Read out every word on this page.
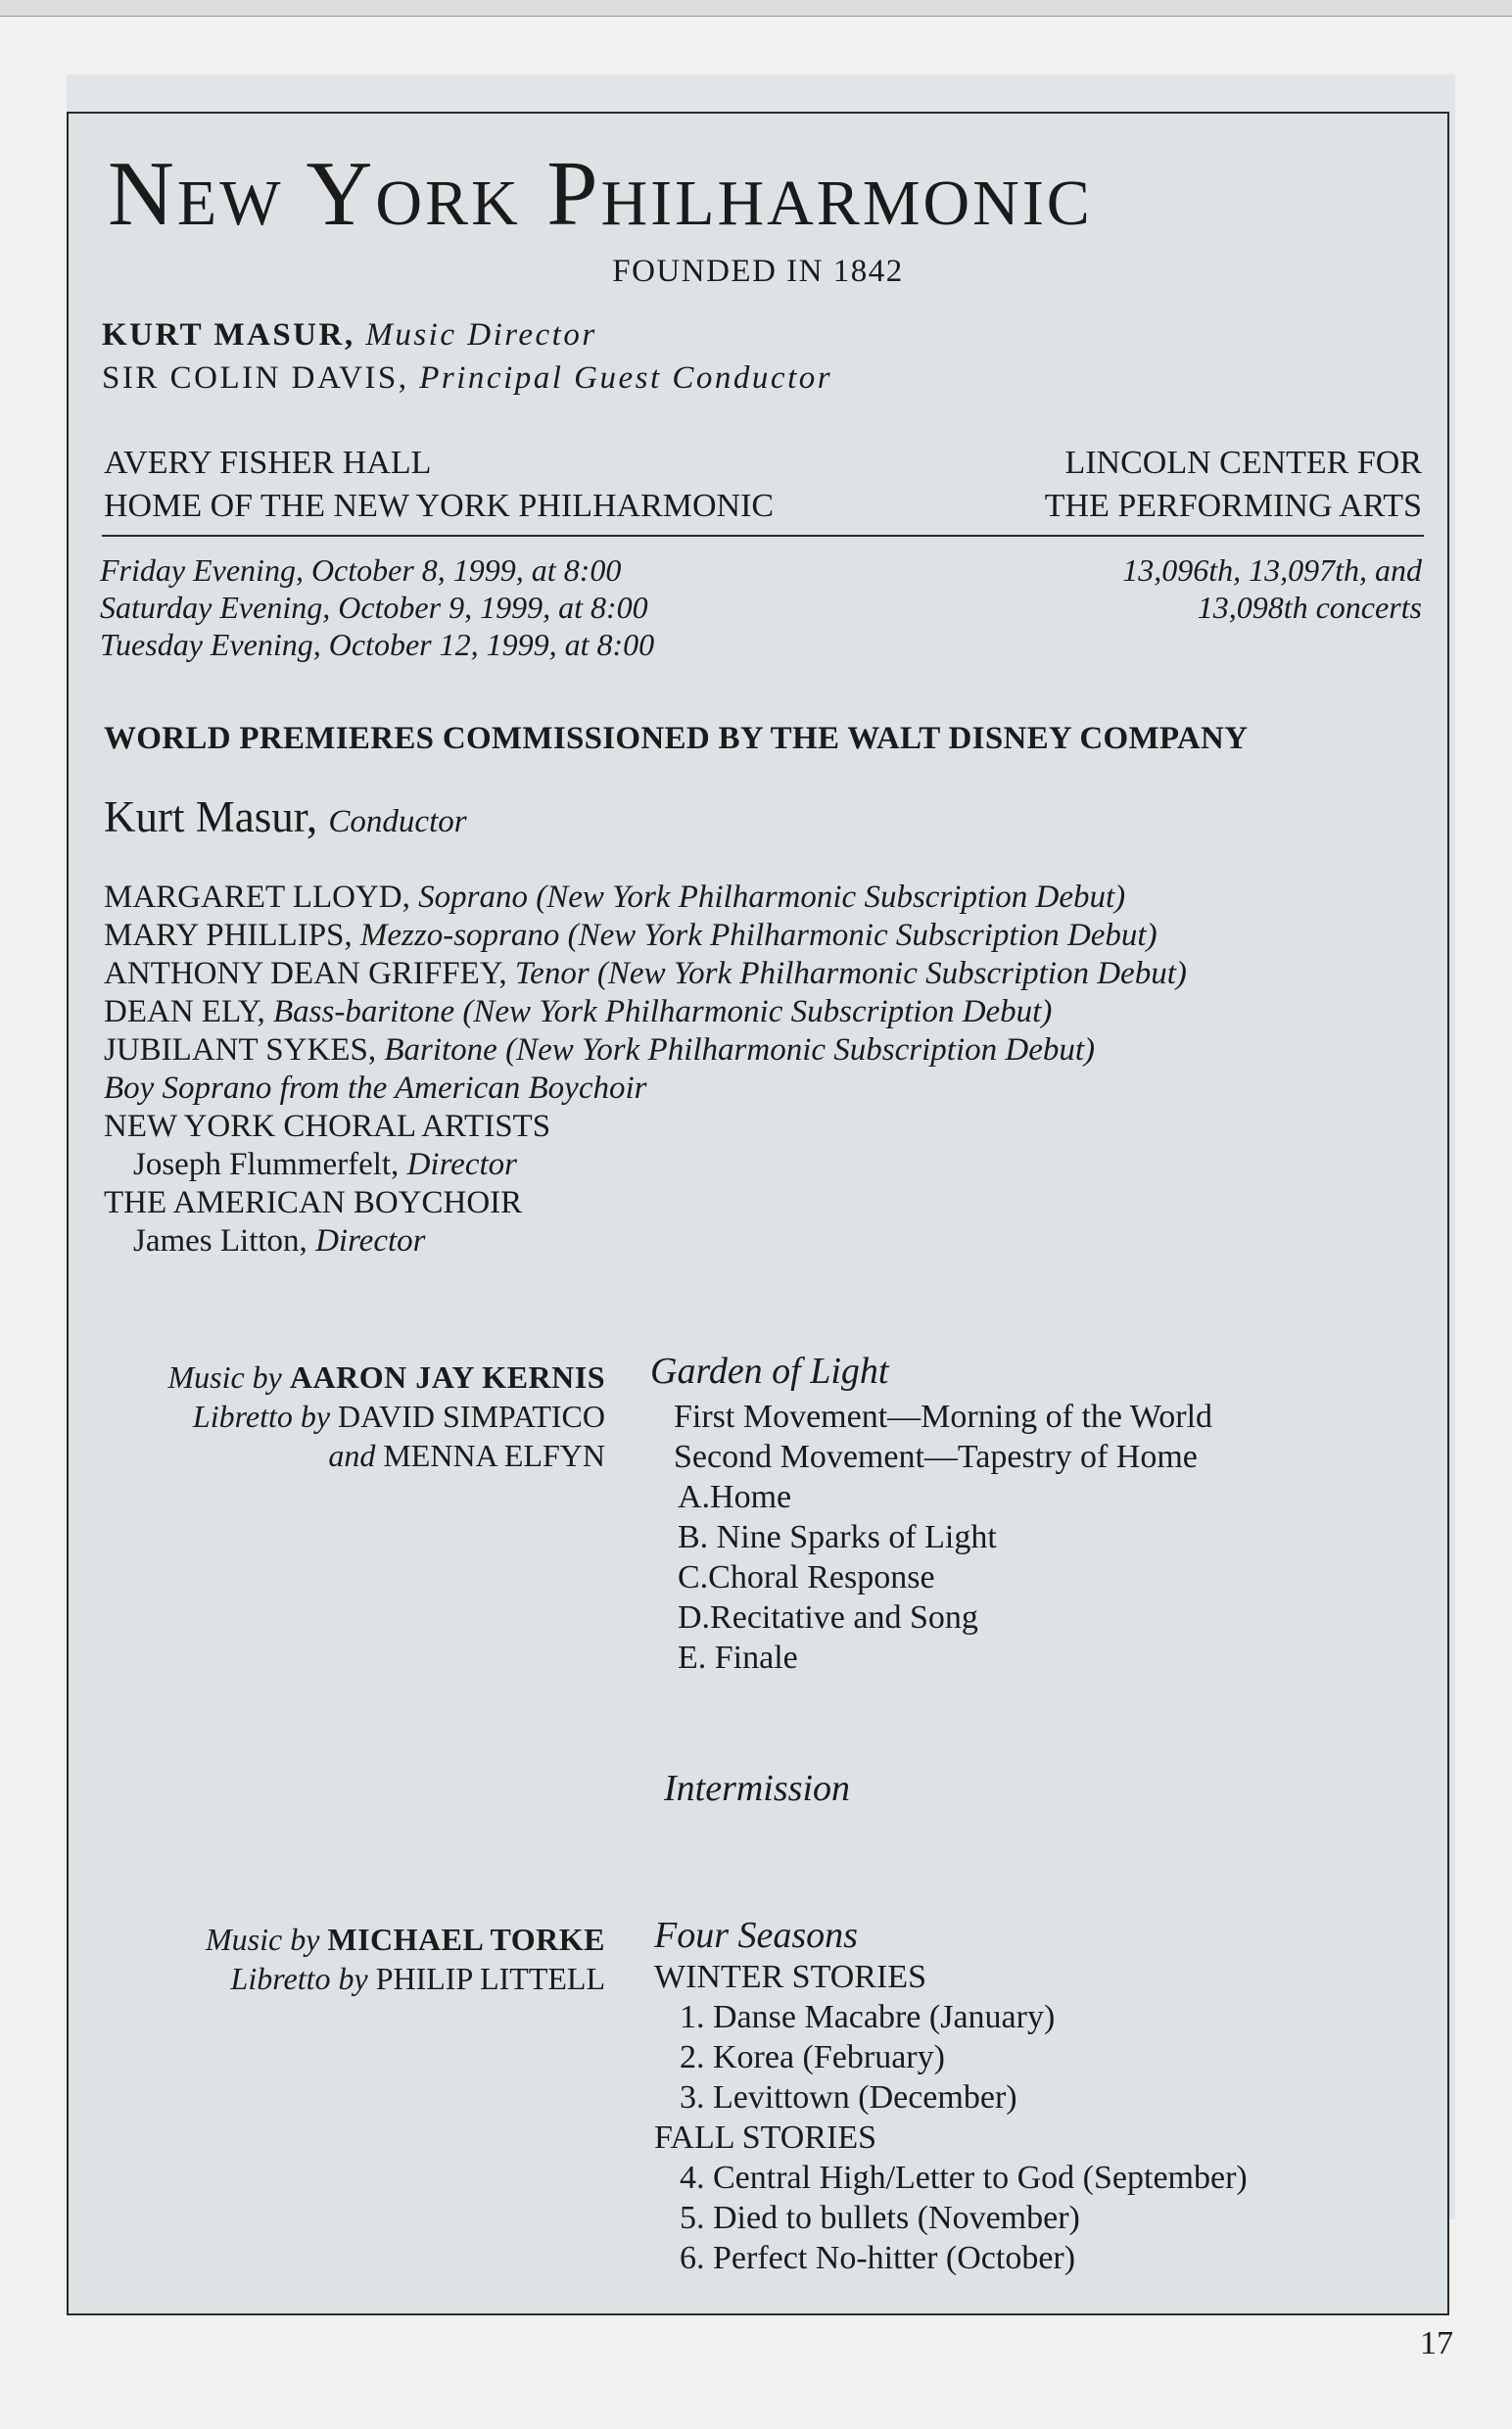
New York Philharmonic
FOUNDED IN 1842
KURT MASUR, Music Director
SIR COLIN DAVIS, Principal Guest Conductor
AVERY FISHER HALL
HOME OF THE NEW YORK PHILHARMONIC
LINCOLN CENTER FOR
THE PERFORMING ARTS
Friday Evening, October 8, 1999, at 8:00
Saturday Evening, October 9, 1999, at 8:00
Tuesday Evening, October 12, 1999, at 8:00
13,096th, 13,097th, and
13,098th concerts
WORLD PREMIERES COMMISSIONED BY THE WALT DISNEY COMPANY
Kurt Masur, Conductor
MARGARET LLOYD, Soprano (New York Philharmonic Subscription Debut)
MARY PHILLIPS, Mezzo-soprano (New York Philharmonic Subscription Debut)
ANTHONY DEAN GRIFFEY, Tenor (New York Philharmonic Subscription Debut)
DEAN ELY, Bass-baritone (New York Philharmonic Subscription Debut)
JUBILANT SYKES, Baritone (New York Philharmonic Subscription Debut)
Boy Soprano from the American Boychoir
NEW YORK CHORAL ARTISTS
Joseph Flummerfelt, Director
THE AMERICAN BOYCHOIR
James Litton, Director
Music by AARON JAY KERNIS
Libretto by DAVID SIMPATICO
and MENNA ELFYN
Garden of Light
First Movement—Morning of the World
Second Movement—Tapestry of Home
A.Home
B. Nine Sparks of Light
C.Choral Response
D.Recitative and Song
E. Finale
Intermission
Music by MICHAEL TORKE
Libretto by PHILIP LITTELL
Four Seasons
WINTER STORIES
1. Danse Macabre (January)
2. Korea (February)
3. Levittown (December)
FALL STORIES
4. Central High/Letter to God (September)
5. Died to bullets (November)
6. Perfect No-hitter (October)
17
